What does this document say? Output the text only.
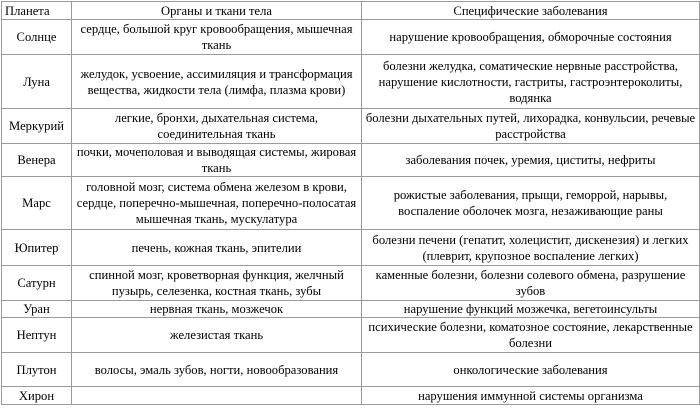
Планета	Органы и ткани тела	Специфические заболевания
Солнце	сердце, большой круг кровообращения, мышечная ткань	нарушение кровообращения, обморочные состояния
Луна	желудок, усвоение, ассимиляция и трансформация вещества, жидкости тела (лимфа, плазма крови)	болезни желудка, соматические нервные расстройства, нарушение кислотности, гастриты, гастроэнтероколиты, водянка
Меркурий	легкие, бронхи, дыхательная система, соединительная ткань	болезни дыхательных путей, лихорадка, конвульсии, речевые расстройства
Венера	почки, мочеполовая и выводящая системы, жировая ткань	заболевания почек, уремия, циститы, нефриты
Марс	головной мозг, система обмена железом в крови, сердце, поперечно-мышечная, поперечно-полосатая мышечная ткань, мускулатура	рожистые заболевания, прыщи, геморрой, нарывы, воспаление оболочек мозга, незаживающие раны
Юпитер	печень, кожная ткань, эпителии	болезни печени (гепатит, холецистит, дискенезия) и легких (плеврит, крупозное воспаление легких)
Сатурн	спинной мозг, кроветворная функция, желчный пузырь, селезенка, костная ткань, зубы	каменные болезни, болезни солевого обмена, разрушение зубов
Уран	нервная ткань, мозжечок	нарушение функций мозжечка, вегетоинсульты
Нептун	железистая ткань	психические болезни, коматозное состояние, лекарственные болезни
Плутон	волосы, эмаль зубов, ногти, новообразования	онкологические заболевания
Хирон		нарушения иммунной системы организма
